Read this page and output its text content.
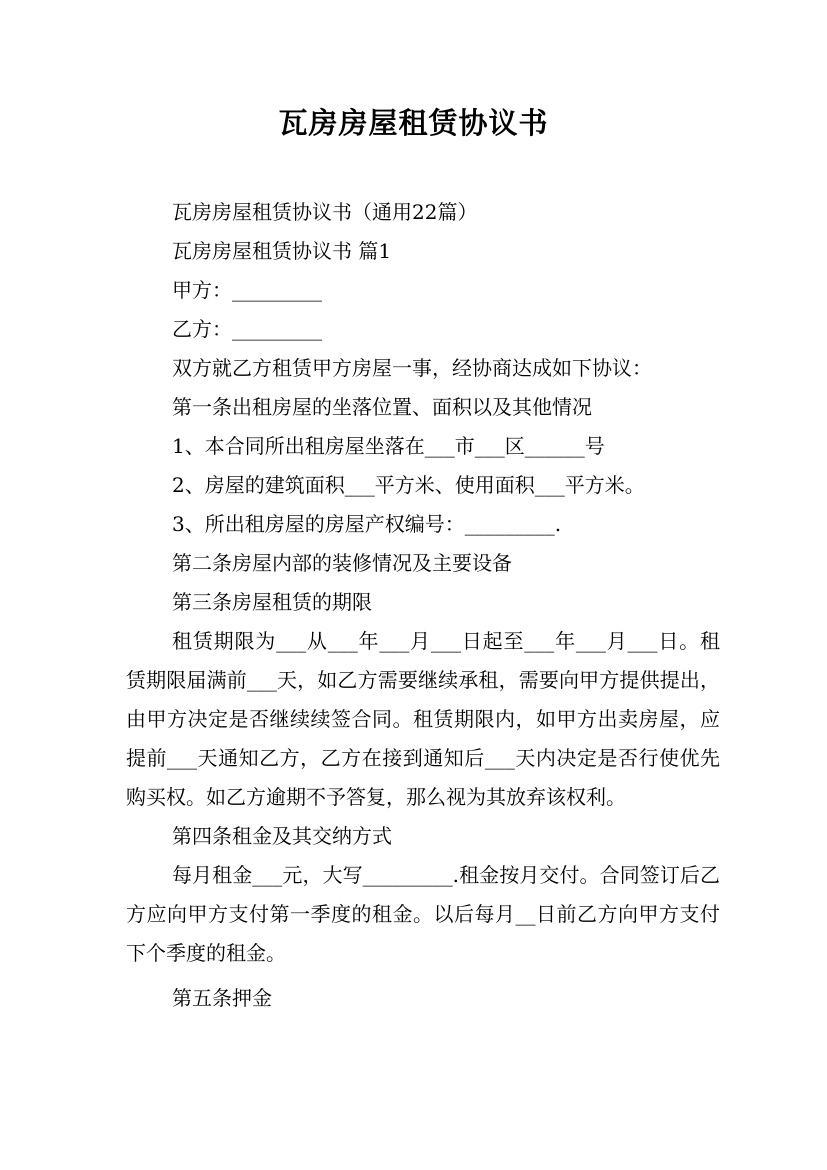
瓦房房屋租赁协议书

瓦房房屋租赁协议书（通用22篇）

瓦房房屋租赁协议书 篇1

甲方：_________

乙方：_________

双方就乙方租赁甲方房屋一事，经协商达成如下协议：

第一条出租房屋的坐落位置、面积以及其他情况

1、本合同所出租房屋坐落在___市___区______号

2、房屋的建筑面积___平方米、使用面积___平方米。

3、所出租房屋的房屋产权编号：_________.

第二条房屋内部的装修情况及主要设备

第三条房屋租赁的期限

租赁期限为___从___年___月___日起至___年___月___日。租赁期限届满前___天，如乙方需要继续承租，需要向甲方提供提出，由甲方决定是否继续续签合同。租赁期限内，如甲方出卖房屋，应提前___天通知乙方，乙方在接到通知后___天内决定是否行使优先购买权。如乙方逾期不予答复，那么视为其放弃该权利。

第四条租金及其交纳方式

每月租金___元，大写_________.租金按月交付。合同签订后乙方应向甲方支付第一季度的租金。以后每月__日前乙方向甲方支付下个季度的租金。

第五条押金
